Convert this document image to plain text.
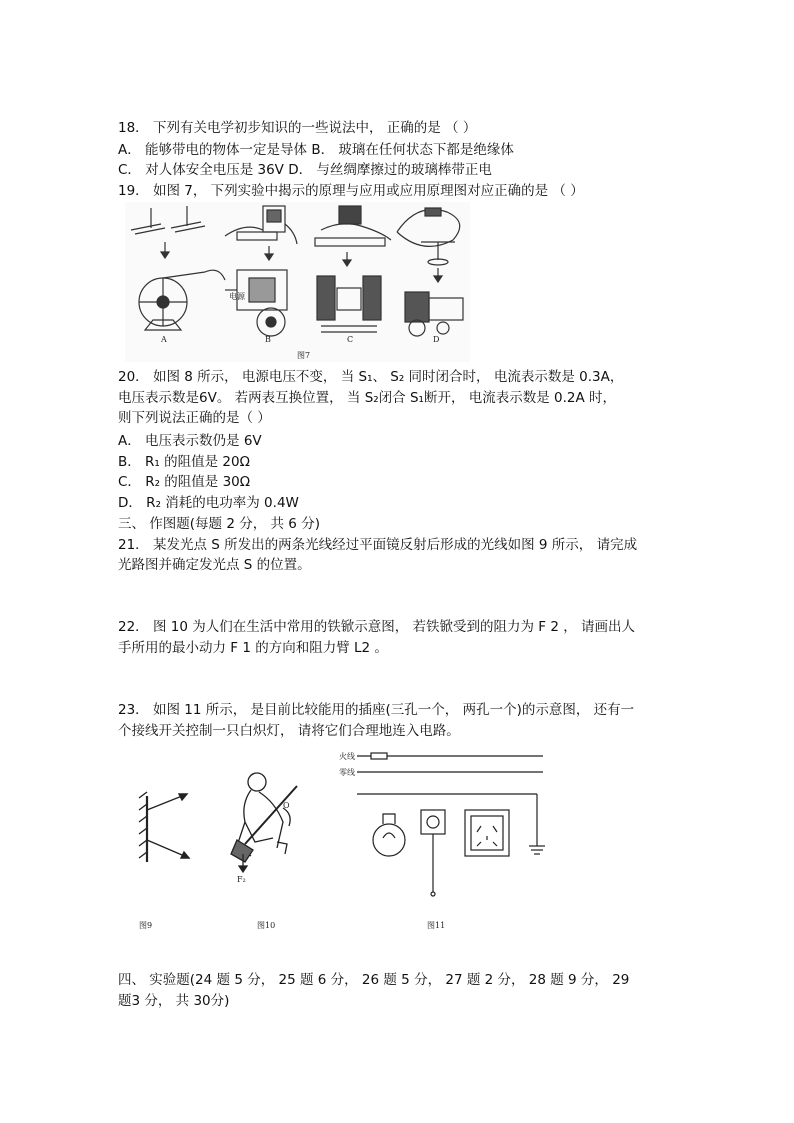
18． 下列有关电学初步知识的一些说法中， 正确的是 （ ）
A． 能够带电的物体一定是导体 B． 玻璃在任何状态下都是绝缘体
C． 对人体安全电压是 36V D． 与丝绸摩擦过的玻璃棒带正电
19． 如图 7， 下列实验中揭示的原理与应用或应用原理图对应正确的是 （ ）
电源
A	B	C	D
图7
20． 如图 8 所示， 电源电压不变， 当 S₁、 S₂ 同时闭合时， 电流表示数是 0.3A，
电压表示数是6V。 若两表互换位置， 当 S₂闭合 S₁断开， 电流表示数是 0.2A 时，
则下列说法正确的是（ ）
A． 电压表示数仍是 6V
B． R₁ 的阻值是 20Ω
C． R₂ 的阻值是 30Ω
D． R₂ 消耗的电功率为 0.4W
三、 作图题(每题 2 分， 共 6 分)
21． 某发光点 S 所发出的两条光线经过平面镜反射后形成的光线如图 9 所示， 请完成
光路图并确定发光点 S 的位置。
22． 图 10 为人们在生活中常用的铁锨示意图， 若铁锨受到的阻力为 F 2 ， 请画出人
手所用的最小动力 F 1 的方向和阻力臂 L2 。
23． 如图 11 所示， 是目前比较能用的插座(三孔一个， 两孔一个)的示意图， 还有一
个接线开关控制一只白炽灯， 请将它们合理地连入电路。
图9
O
F₂
图10
火线
零线
图11
四、 实验题(24 题 5 分， 25 题 6 分， 26 题 5 分， 27 题 2 分， 28 题 9 分， 29
题3 分， 共 30分)
